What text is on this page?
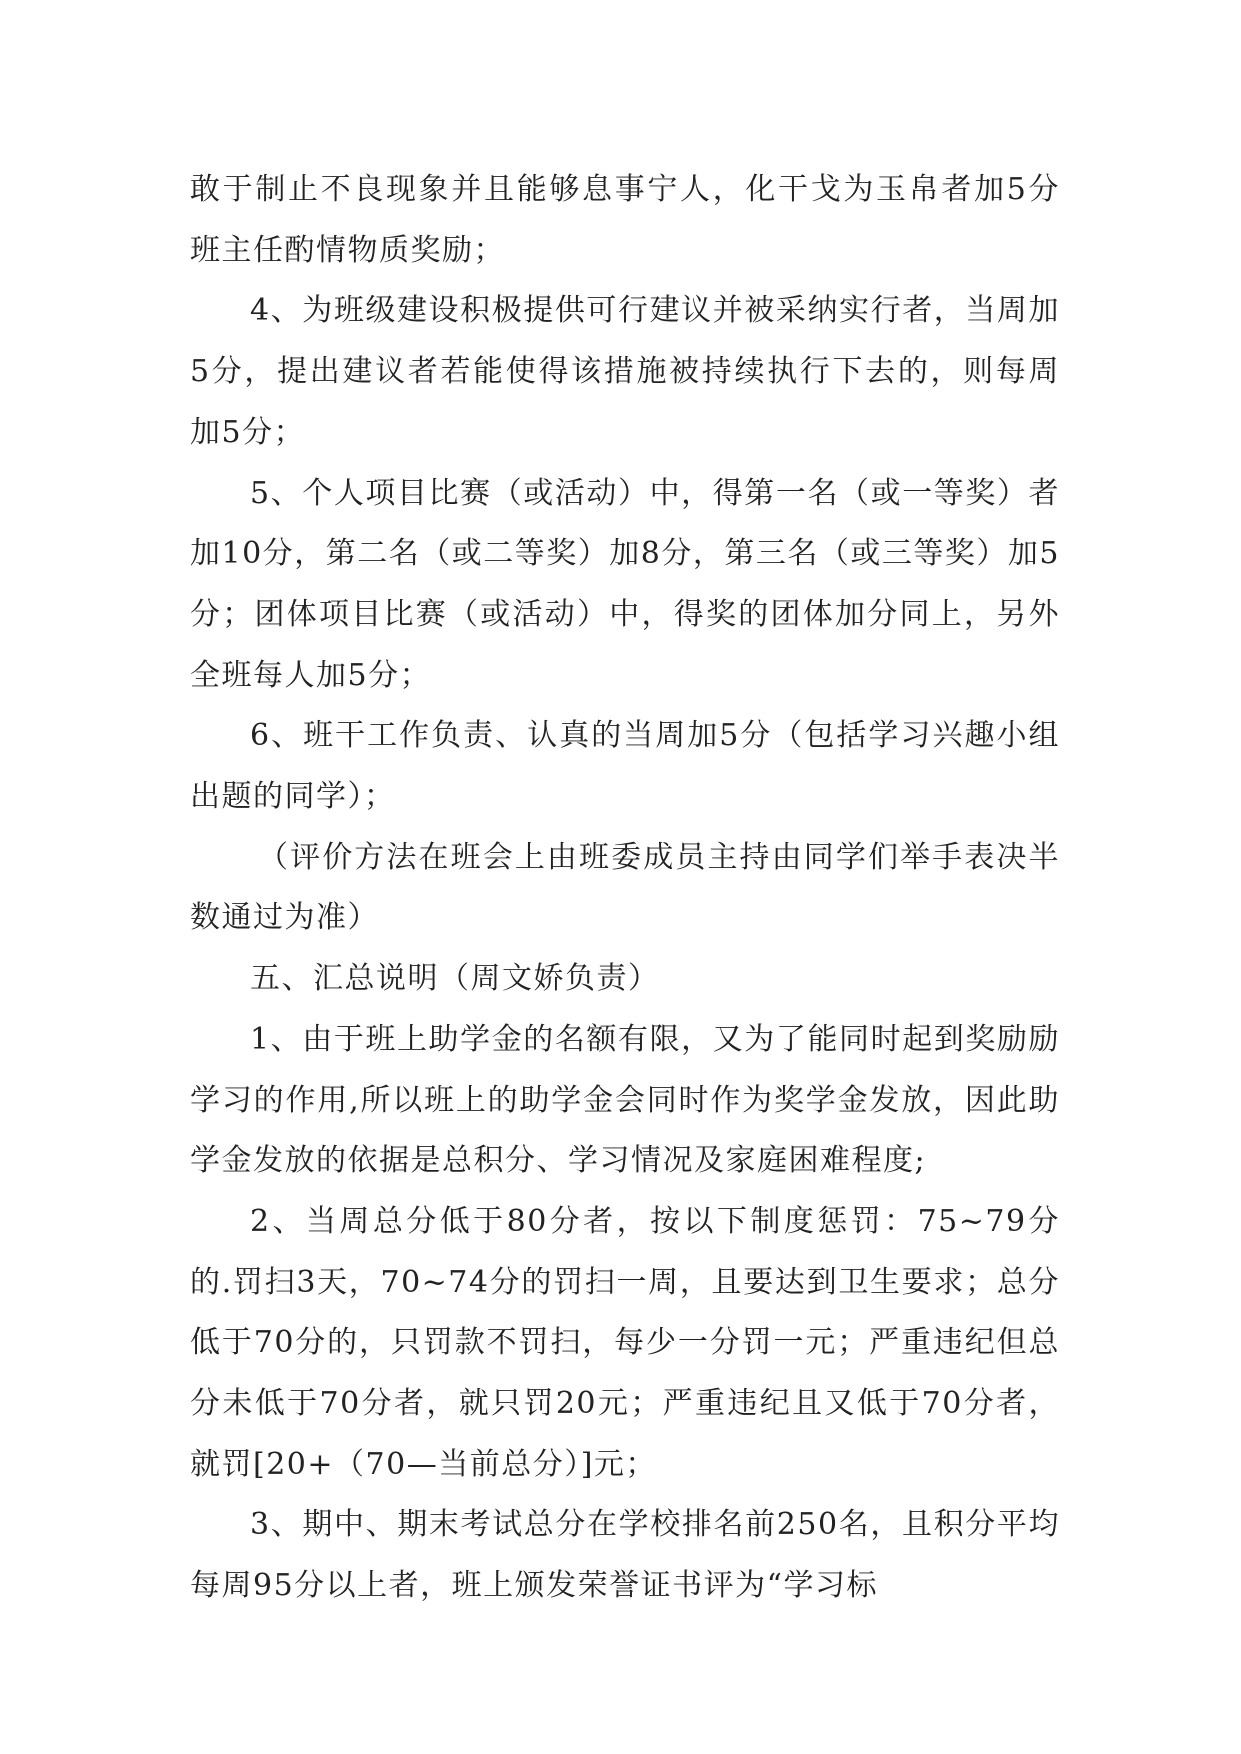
敢于制止不良现象并且能够息事宁人，化干戈为玉帛者加5分班主任酌情物质奖励；

4、为班级建设积极提供可行建议并被采纳实行者，当周加5分，提出建议者若能使得该措施被持续执行下去的，则每周加5分；

5、个人项目比赛（或活动）中，得第一名（或一等奖）者加10分，第二名（或二等奖）加8分，第三名（或三等奖）加5分；团体项目比赛（或活动）中，得奖的团体加分同上，另外全班每人加5分；

6、班干工作负责、认真的当周加5分（包括学习兴趣小组出题的同学）；

（评价方法在班会上由班委成员主持由同学们举手表决半数通过为准）

五、汇总说明（周文娇负责）

1、由于班上助学金的名额有限，又为了能同时起到奖励励学习的作用,所以班上的助学金会同时作为奖学金发放，因此助学金发放的依据是总积分、学习情况及家庭困难程度;

2、当周总分低于80分者，按以下制度惩罚：75~79分的.罚扫3天，70~74分的罚扫一周，且要达到卫生要求；总分低于70分的，只罚款不罚扫，每少一分罚一元；严重违纪但总分未低于70分者，就只罚20元；严重违纪且又低于70分者，就罚[20+（70—当前总分）]元；

3、期中、期末考试总分在学校排名前250名，且积分平均每周95分以上者，班上颁发荣誉证书评为“学习标
